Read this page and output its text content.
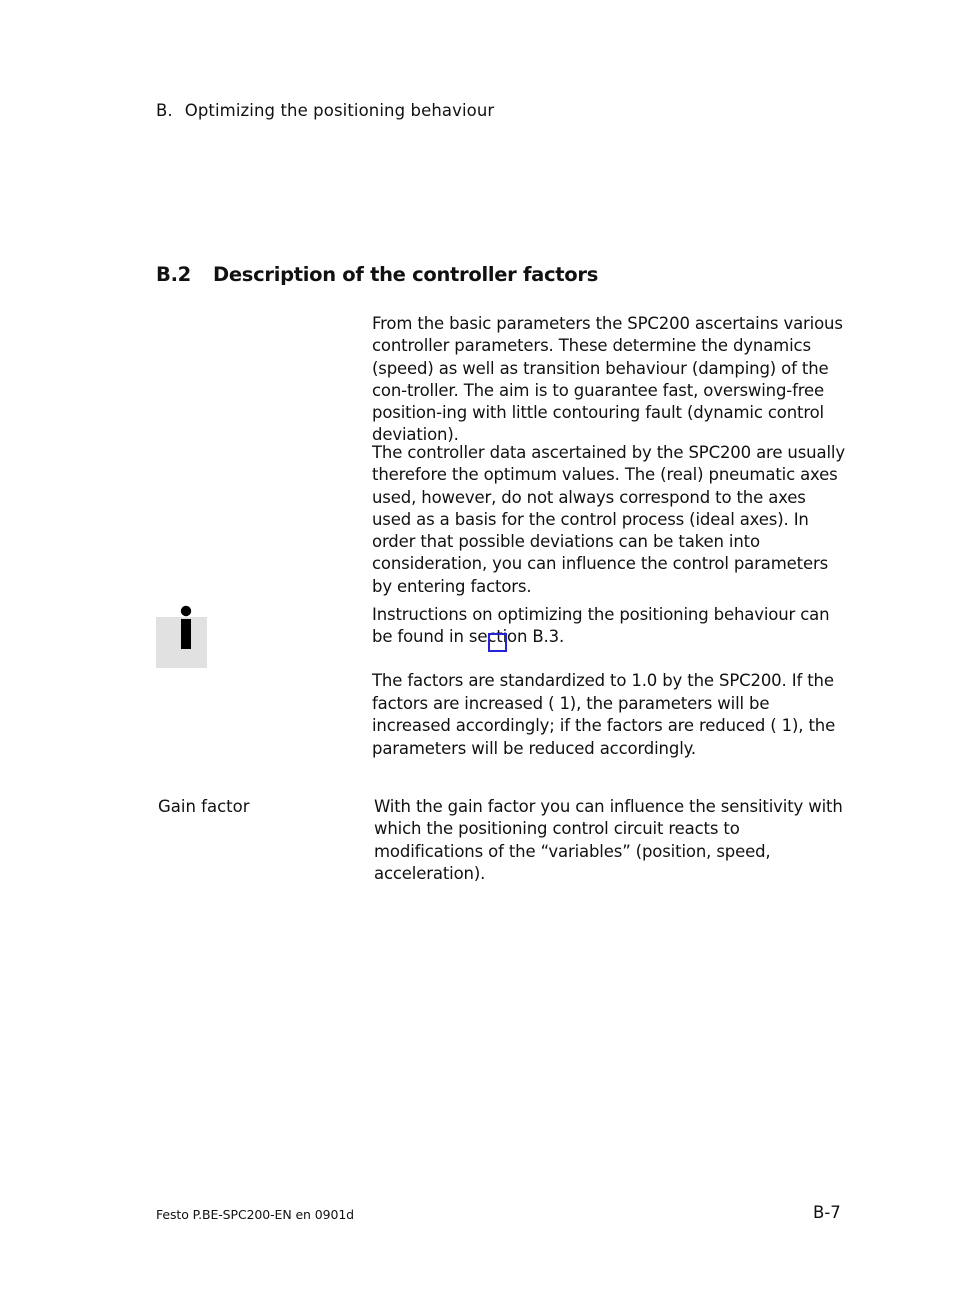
B. Optimizing the positioning behaviour
B.2 Description of the controller factors

From the basic parameters the SPC200 ascertains various controller parameters. These determine the dynamics (speed) as well as transition behaviour (damping) of the con-troller. The aim is to guarantee fast, overswing-free position-ing with little contouring fault (dynamic control deviation).

The controller data ascertained by the SPC200 are usually therefore the optimum values. The (real) pneumatic axes used, however, do not always correspond to the axes used as a basis for the control process (ideal axes). In order that possible deviations can be taken into consideration, you can influence the control parameters by entering factors.

Instructions on optimizing the positioning behaviour can be found in section B.3.

The factors are standardized to 1.0 by the SPC200. If the factors are increased ( 1), the parameters will be increased accordingly; if the factors are reduced ( 1), the parameters will be reduced accordingly.

Gain factor	With the gain factor you can influence the sensitivity with which the positioning control circuit reacts to modifications of the “variables” (position, speed, acceleration).

Festo P.BE-SPC200-EN en 0901d	B-7
